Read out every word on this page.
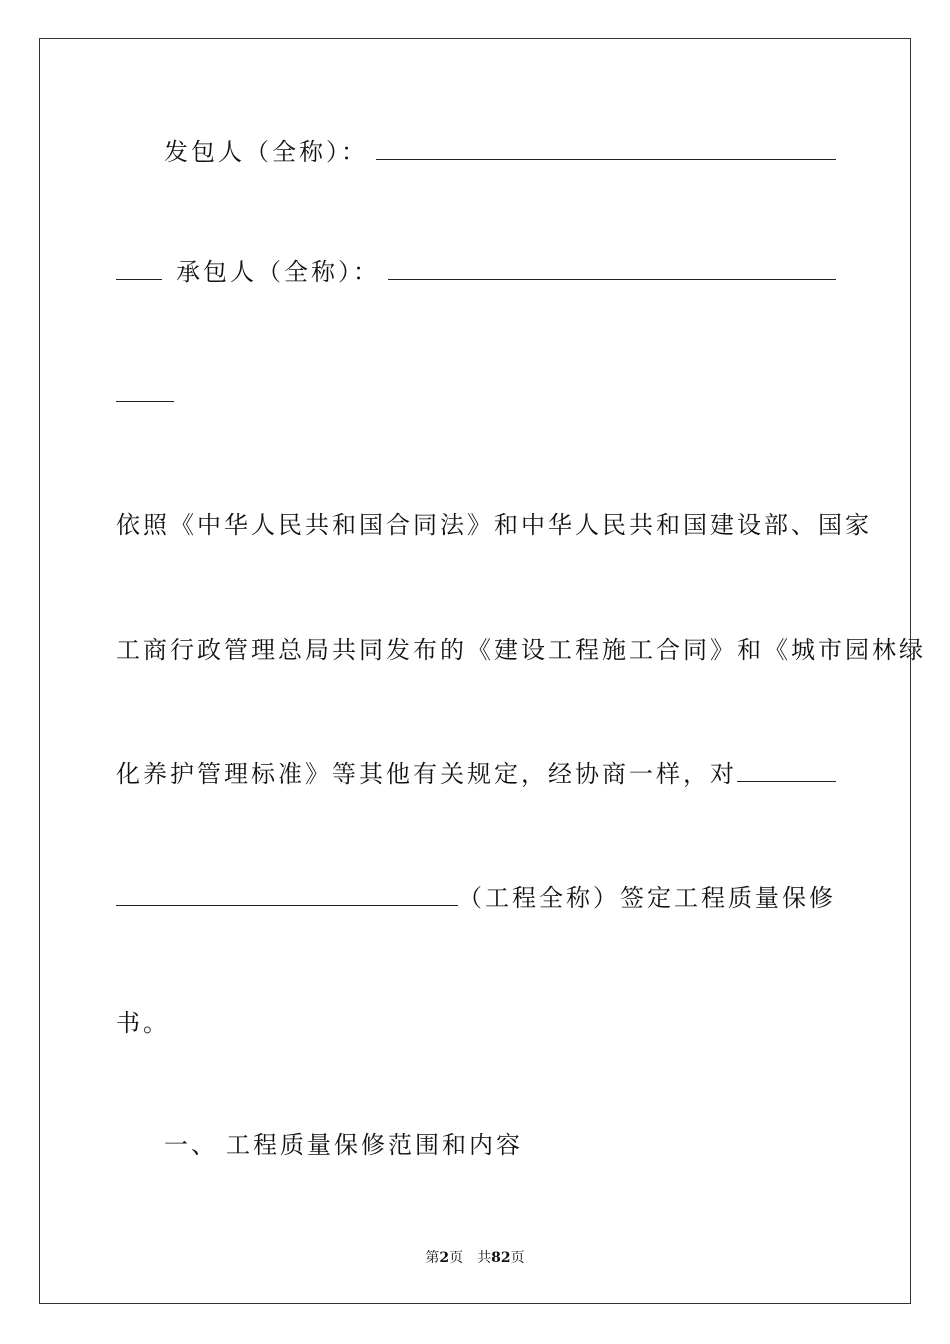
发包人（全称）：
承包人（全称）：
依照《中华人民共和国合同法》和中华人民共和国建设部、国家
工商行政管理总局共同发布的《建设工程施工合同》和《城市园林绿
化养护管理标准》等其他有关规定，经协商一样，对
（工程全称）签定工程质量保修
书。
一、 工程质量保修范围和内容
第2页　共82页
